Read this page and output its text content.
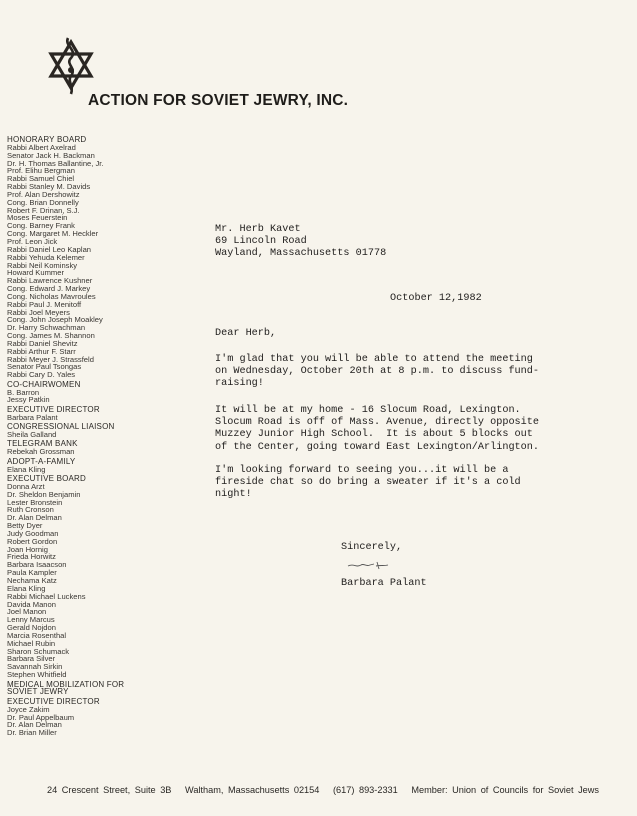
ACTION FOR SOVIET JEWRY, INC.
HONORARY BOARD
Rabbi Albert Axelrad
Senator Jack H. Backman
Dr. H. Thomas Ballantine, Jr.
Prof. Elihu Bergman
Rabbi Samuel Chiel
Rabbi Stanley M. Davids
Prof. Alan Dershowitz
Cong. Brian Donnelly
Robert F. Drinan, S.J.
Moses Feuerstein
Cong. Barney Frank
Cong. Margaret M. Heckler
Prof. Leon Jick
Rabbi Daniel Leo Kaplan
Rabbi Yehuda Kelemer
Rabbi Neil Kominsky
Howard Kummer
Rabbi Lawrence Kushner
Cong. Edward J. Markey
Cong. Nicholas Mavroules
Rabbi Paul J. Menitoff
Rabbi Joel Meyers
Cong. John Joseph Moakley
Dr. Harry Schwachman
Cong. James M. Shannon
Rabbi Daniel Shevitz
Rabbi Arthur F. Starr
Rabbi Meyer J. Strassfeld
Senator Paul Tsongas
Rabbi Cary D. Yales
CO-CHAIRWOMEN
B. Barron
Jessy Patkin
EXECUTIVE DIRECTOR
Barbara Palant
CONGRESSIONAL LIAISON
Sheila Galland
TELEGRAM BANK
Rebekah Grossman
ADOPT-A-FAMILY
Elana Kling
EXECUTIVE BOARD
Donna Arzt
Dr. Sheldon Benjamin
Lester Bronstein
Ruth Cronson
Dr. Alan Delman
Betty Dyer
Judy Goodman
Robert Gordon
Joan Hornig
Frieda Horwitz
Barbara Isaacson
Paula Kampler
Nechama Katz
Elana Kling
Rabbi Michael Luckens
Davida Manon
Joel Manon
Lenny Marcus
Gerald Nojdon
Marcia Rosenthal
Michael Rubin
Sharon Schumack
Barbara Silver
Savannah Sirkin
Stephen Whitfield
MEDICAL MOBILIZATION FOR SOVIET JEWRY
EXECUTIVE DIRECTOR
Joyce Zakim
Dr. Paul Appelbaum
Dr. Alan Delman
Dr. Brian Miller
Mr. Herb Kavet
69 Lincoln Road
Wayland, Massachusetts 01778
October 12,1982
Dear Herb,
I'm glad that you will be able to attend the meeting
on Wednesday, October 20th at 8 p.m. to discuss fund-
raising!
It will be at my home - 16 Slocum Road, Lexington.
Slocum Road is off of Mass. Avenue, directly opposite
Muzzey Junior High School.  It is about 5 blocks out
of the Center, going toward East Lexington/Arlington.
I'm looking forward to seeing you...it will be a
fireside chat so do bring a sweater if it's a cold
night!
Sincerely,
Barbara Palant
24 Crescent Street, Suite 3B Waltham, Massachusetts 02154 (617) 893-2331 Member: Union of Councils for Soviet Jews
